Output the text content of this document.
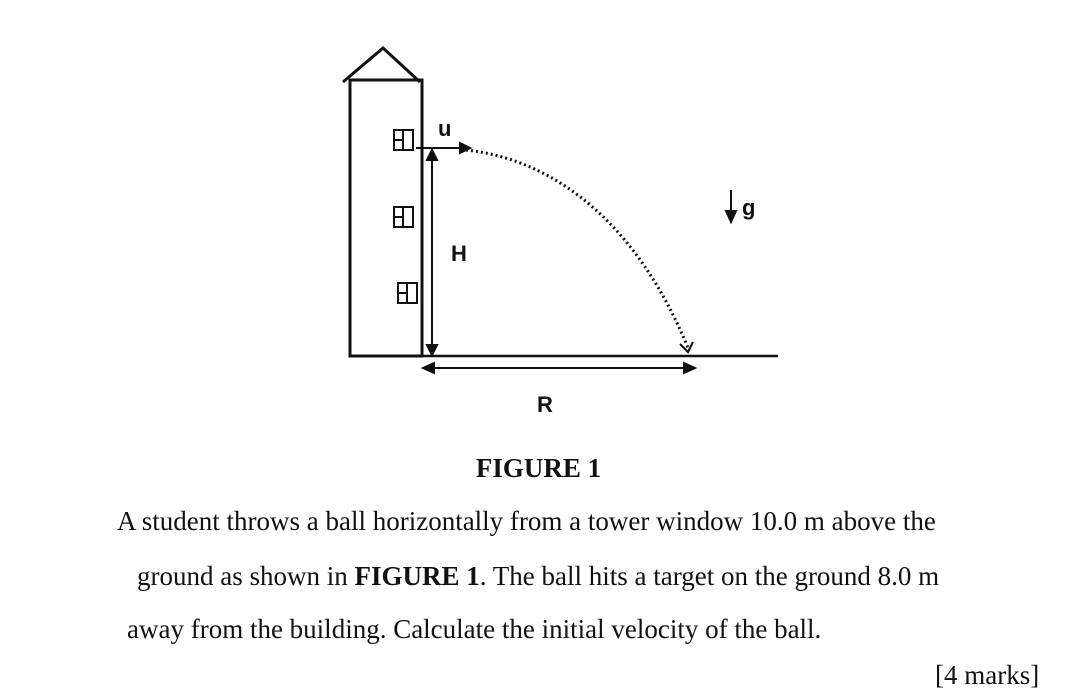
u
g
H
R
FIGURE 1
A student throws a ball horizontally from a tower window 10.0 m above the
ground as shown in FIGURE 1. The ball hits a target on the ground 8.0 m
away from the building. Calculate the initial velocity of the ball.
[4 marks]
